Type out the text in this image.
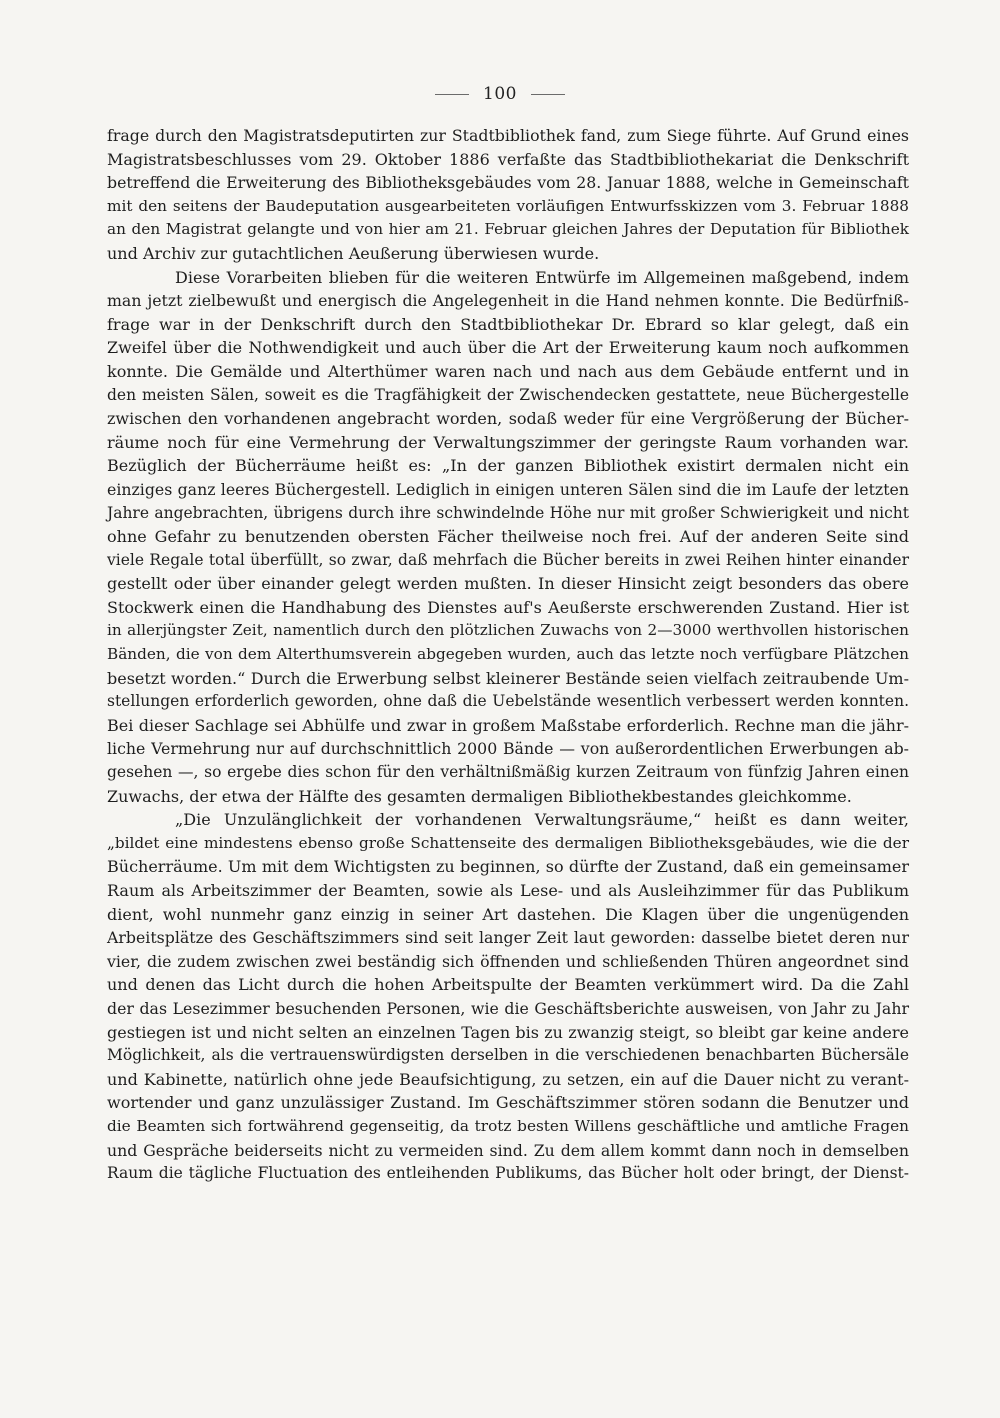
100
frage durch den Magistratsdeputirten zur Stadtbibliothek fand, zum Siege führte. Auf Grund eines
Magistratsbeschlusses vom 29. Oktober 1886 verfaßte das Stadtbibliothekariat die Denkschrift
betreffend die Erweiterung des Bibliotheksgebäudes vom 28. Januar 1888, welche in Gemeinschaft
mit den seitens der Baudeputation ausgearbeiteten vorläufigen Entwurfsskizzen vom 3. Februar 1888
an den Magistrat gelangte und von hier am 21. Februar gleichen Jahres der Deputation für Bibliothek
und Archiv zur gutachtlichen Aeußerung überwiesen wurde.
Diese Vorarbeiten blieben für die weiteren Entwürfe im Allgemeinen maßgebend, indem
man jetzt zielbewußt und energisch die Angelegenheit in die Hand nehmen konnte. Die Bedürfniß-
frage war in der Denkschrift durch den Stadtbibliothekar Dr. Ebrard so klar gelegt, daß ein
Zweifel über die Nothwendigkeit und auch über die Art der Erweiterung kaum noch aufkommen
konnte. Die Gemälde und Alterthümer waren nach und nach aus dem Gebäude entfernt und in
den meisten Sälen, soweit es die Tragfähigkeit der Zwischendecken gestattete, neue Büchergestelle
zwischen den vorhandenen angebracht worden, sodaß weder für eine Vergrößerung der Bücher-
räume noch für eine Vermehrung der Verwaltungszimmer der geringste Raum vorhanden war.
Bezüglich der Bücherräume heißt es: „In der ganzen Bibliothek existirt dermalen nicht ein
einziges ganz leeres Büchergestell. Lediglich in einigen unteren Sälen sind die im Laufe der letzten
Jahre angebrachten, übrigens durch ihre schwindelnde Höhe nur mit großer Schwierigkeit und nicht
ohne Gefahr zu benutzenden obersten Fächer theilweise noch frei. Auf der anderen Seite sind
viele Regale total überfüllt, so zwar, daß mehrfach die Bücher bereits in zwei Reihen hinter einander
gestellt oder über einander gelegt werden mußten. In dieser Hinsicht zeigt besonders das obere
Stockwerk einen die Handhabung des Dienstes auf's Aeußerste erschwerenden Zustand. Hier ist
in allerjüngster Zeit, namentlich durch den plötzlichen Zuwachs von 2—3000 werthvollen historischen
Bänden, die von dem Alterthumsverein abgegeben wurden, auch das letzte noch verfügbare Plätzchen
besetzt worden.“ Durch die Erwerbung selbst kleinerer Bestände seien vielfach zeitraubende Um-
stellungen erforderlich geworden, ohne daß die Uebelstände wesentlich verbessert werden konnten.
Bei dieser Sachlage sei Abhülfe und zwar in großem Maßstabe erforderlich. Rechne man die jähr-
liche Vermehrung nur auf durchschnittlich 2000 Bände — von außerordentlichen Erwerbungen ab-
gesehen —, so ergebe dies schon für den verhältnißmäßig kurzen Zeitraum von fünfzig Jahren einen
Zuwachs, der etwa der Hälfte des gesamten dermaligen Bibliothekbestandes gleichkomme.
„Die Unzulänglichkeit der vorhandenen Verwaltungsräume,“ heißt es dann weiter,
„bildet eine mindestens ebenso große Schattenseite des dermaligen Bibliotheksgebäudes, wie die der
Bücherräume. Um mit dem Wichtigsten zu beginnen, so dürfte der Zustand, daß ein gemeinsamer
Raum als Arbeitszimmer der Beamten, sowie als Lese- und als Ausleihzimmer für das Publikum
dient, wohl nunmehr ganz einzig in seiner Art dastehen. Die Klagen über die ungenügenden
Arbeitsplätze des Geschäftszimmers sind seit langer Zeit laut geworden: dasselbe bietet deren nur
vier, die zudem zwischen zwei beständig sich öffnenden und schließenden Thüren angeordnet sind
und denen das Licht durch die hohen Arbeitspulte der Beamten verkümmert wird. Da die Zahl
der das Lesezimmer besuchenden Personen, wie die Geschäftsberichte ausweisen, von Jahr zu Jahr
gestiegen ist und nicht selten an einzelnen Tagen bis zu zwanzig steigt, so bleibt gar keine andere
Möglichkeit, als die vertrauenswürdigsten derselben in die verschiedenen benachbarten Büchersäle
und Kabinette, natürlich ohne jede Beaufsichtigung, zu setzen, ein auf die Dauer nicht zu verant-
wortender und ganz unzulässiger Zustand. Im Geschäftszimmer stören sodann die Benutzer und
die Beamten sich fortwährend gegenseitig, da trotz besten Willens geschäftliche und amtliche Fragen
und Gespräche beiderseits nicht zu vermeiden sind. Zu dem allem kommt dann noch in demselben
Raum die tägliche Fluctuation des entleihenden Publikums, das Bücher holt oder bringt, der Dienst-
